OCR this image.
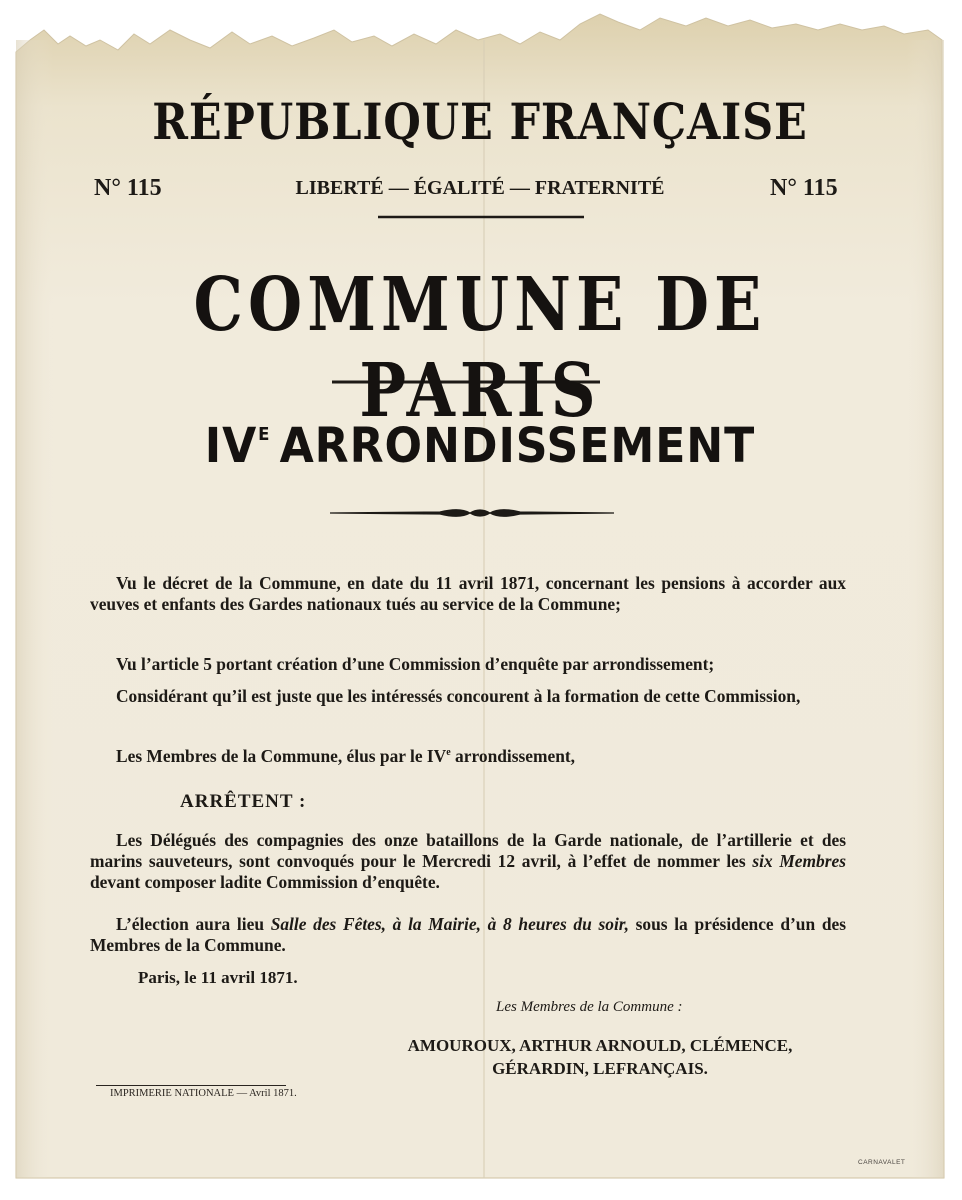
RÉPUBLIQUE FRANÇAISE
N° 115	LIBERTÉ — ÉGALITÉ — FRATERNITÉ	N° 115
COMMUNE DE PARIS
$IV^E$ ARRONDISSEMENT
Vu le décret de la Commune, en date du 11 avril 1871, concernant les pensions à accorder aux veuves et enfants des Gardes nationaux tués au service de la Commune;
Vu l’article 5 portant création d’une Commission d’enquête par arrondissement;
Considérant qu’il est juste que les intéressés concourent à la formation de cette Commission,
Les Membres de la Commune, élus par le IVe arrondissement,
ARRÊTENT :
Les Délégués des compagnies des onze bataillons de la Garde nationale, de l’artillerie et des marins sauveteurs, sont convoqués pour le Mercredi 12 avril, à l’effet de nommer les six Membres devant composer ladite Commission d’enquête.
L’élection aura lieu Salle des Fêtes, à la Mairie, à 8 heures du soir, sous la présidence d’un des Membres de la Commune.
Paris, le 11 avril 1871.
Les Membres de la Commune :
AMOUROUX, ARTHUR ARNOULD, CLÉMENCE,
GÉRARDIN, LEFRANÇAIS.
IMPRIMERIE NATIONALE — Avril 1871.
CARNAVALET
